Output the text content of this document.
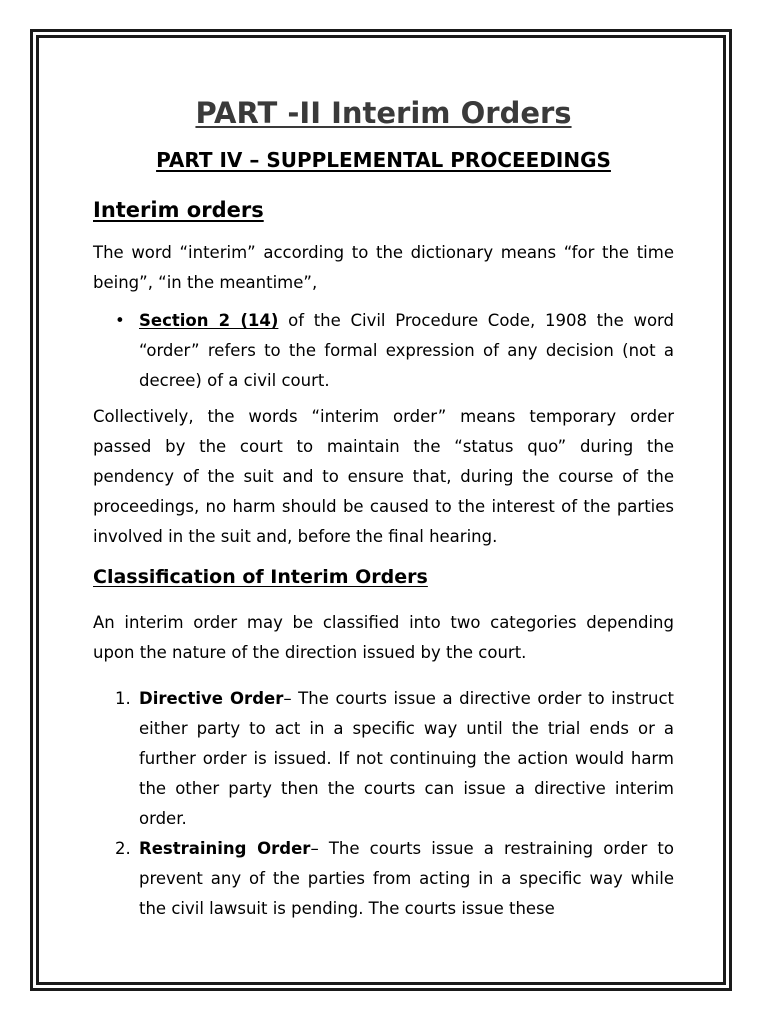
PART -II Interim Orders
PART IV – SUPPLEMENTAL PROCEEDINGS
Interim orders

The word “interim” according to the dictionary means “for the time being”, “in the meantime”,

• Section 2 (14) of the Civil Procedure Code, 1908 the word “order” refers to the formal expression of any decision (not a decree) of a civil court.

Collectively, the words “interim order” means temporary order passed by the court to maintain the “status quo” during the pendency of the suit and to ensure that, during the course of the proceedings, no harm should be caused to the interest of the parties involved in the suit and, before the final hearing.

Classification of Interim Orders

An interim order may be classified into two categories depending upon the nature of the direction issued by the court.

1. Directive Order– The courts issue a directive order to instruct either party to act in a specific way until the trial ends or a further order is issued. If not continuing the action would harm the other party then the courts can issue a directive interim order.
2. Restraining Order– The courts issue a restraining order to prevent any of the parties from acting in a specific way while the civil lawsuit is pending. The courts issue these
